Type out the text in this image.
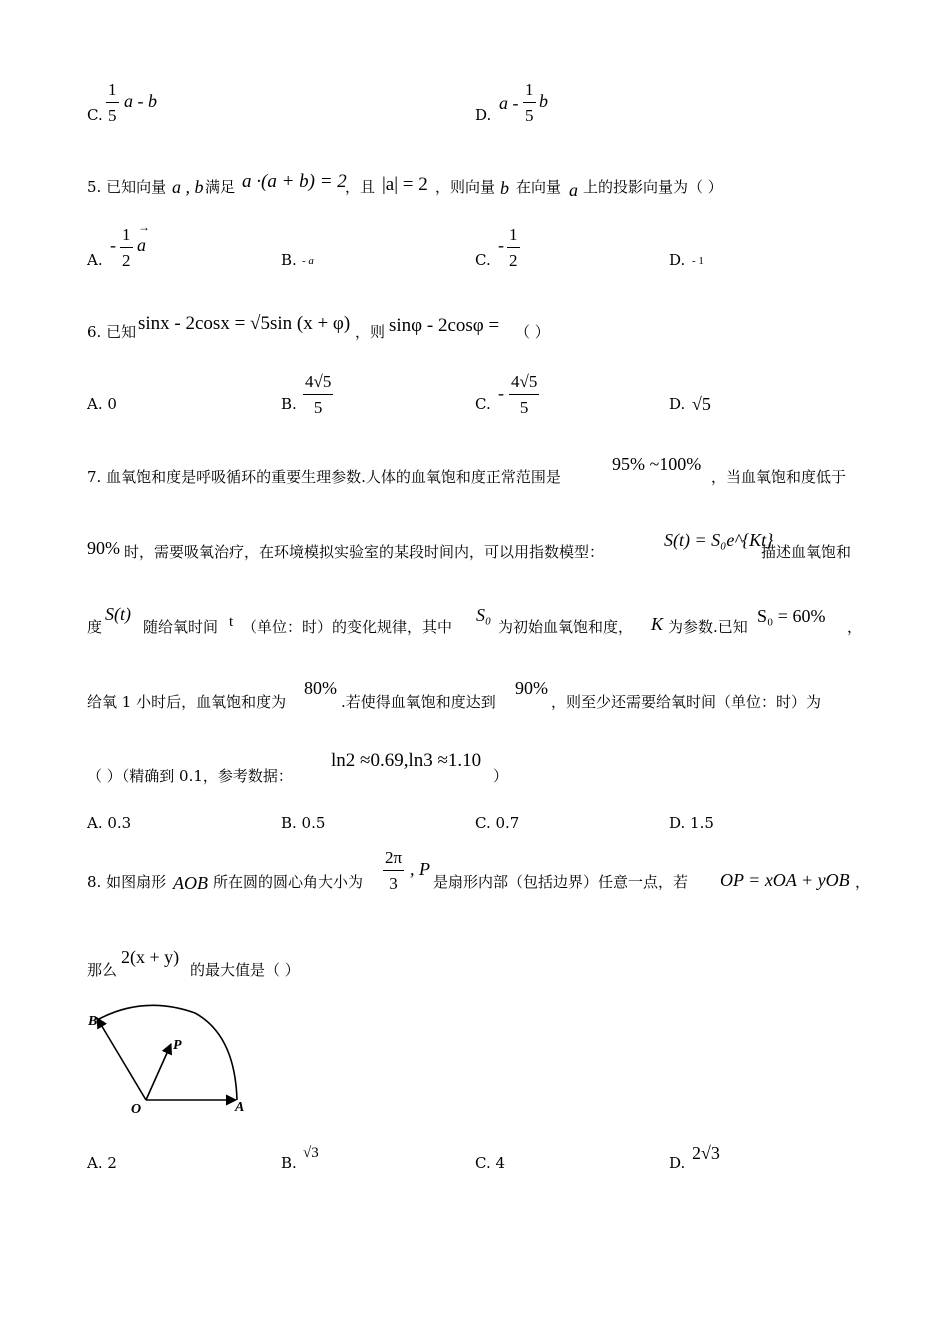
C. $\frac{1}{5}$ a - b
D.
a - $\frac{1}{5}$ b
5. 已知向量 a , b 满足 a ·(a + b) = 2
，且 |a| = 2 ，则向量 b 在向量 a 上的投影向量为（ ）
A.
- $\frac{1}{2}$ a
→
B. - a	C.
- $\frac{1}{2}$	D. - 1
6. 已知 sinx - 2cosx = √5sin (x + φ) ，则 sinφ - 2cosφ = （ ）
A. 0	B. $\frac{4√5}{5}$	C.
- $\frac{4√5}{5}$	D. √5
7. 血氧饱和度是呼吸循环的重要生理参数.人体的血氧饱和度正常范围是
95% ~100%
，当血氧饱和度低于
90% 时，需要吸氧治疗，在环境模拟实验室的某段时间内，可以用指数模型：
S(t) = S₀e^{Kt}
描述血氧饱和
度
S(t)
随给氧时间 t （单位：时）的变化规律，其中
S₀
为初始血氧饱和度， K 为参数.已知
S₀ = 60%
，
给氧 1 小时后，血氧饱和度为
80%
.若使得血氧饱和度达到
90%
，则至少还需要给氧时间（单位：时）为
（ ）（精确到 0.1，参考数据：
ln2 ≈0.69,ln3 ≈1.10
）
A. 0.3	B. 0.5	C. 0.7	D. 1.5
8. 如图扇形 AOB 所在圆的圆心角大小为 $\frac{2\pi}{3}$ , P
是扇形内部（包括边界）任意一点，若 OP = xOA + yOB ，
那么
2(x + y)
的最大值是（ ）
B
P
O	A
A. 2	B.
√3
C. 4	D. 2√3
